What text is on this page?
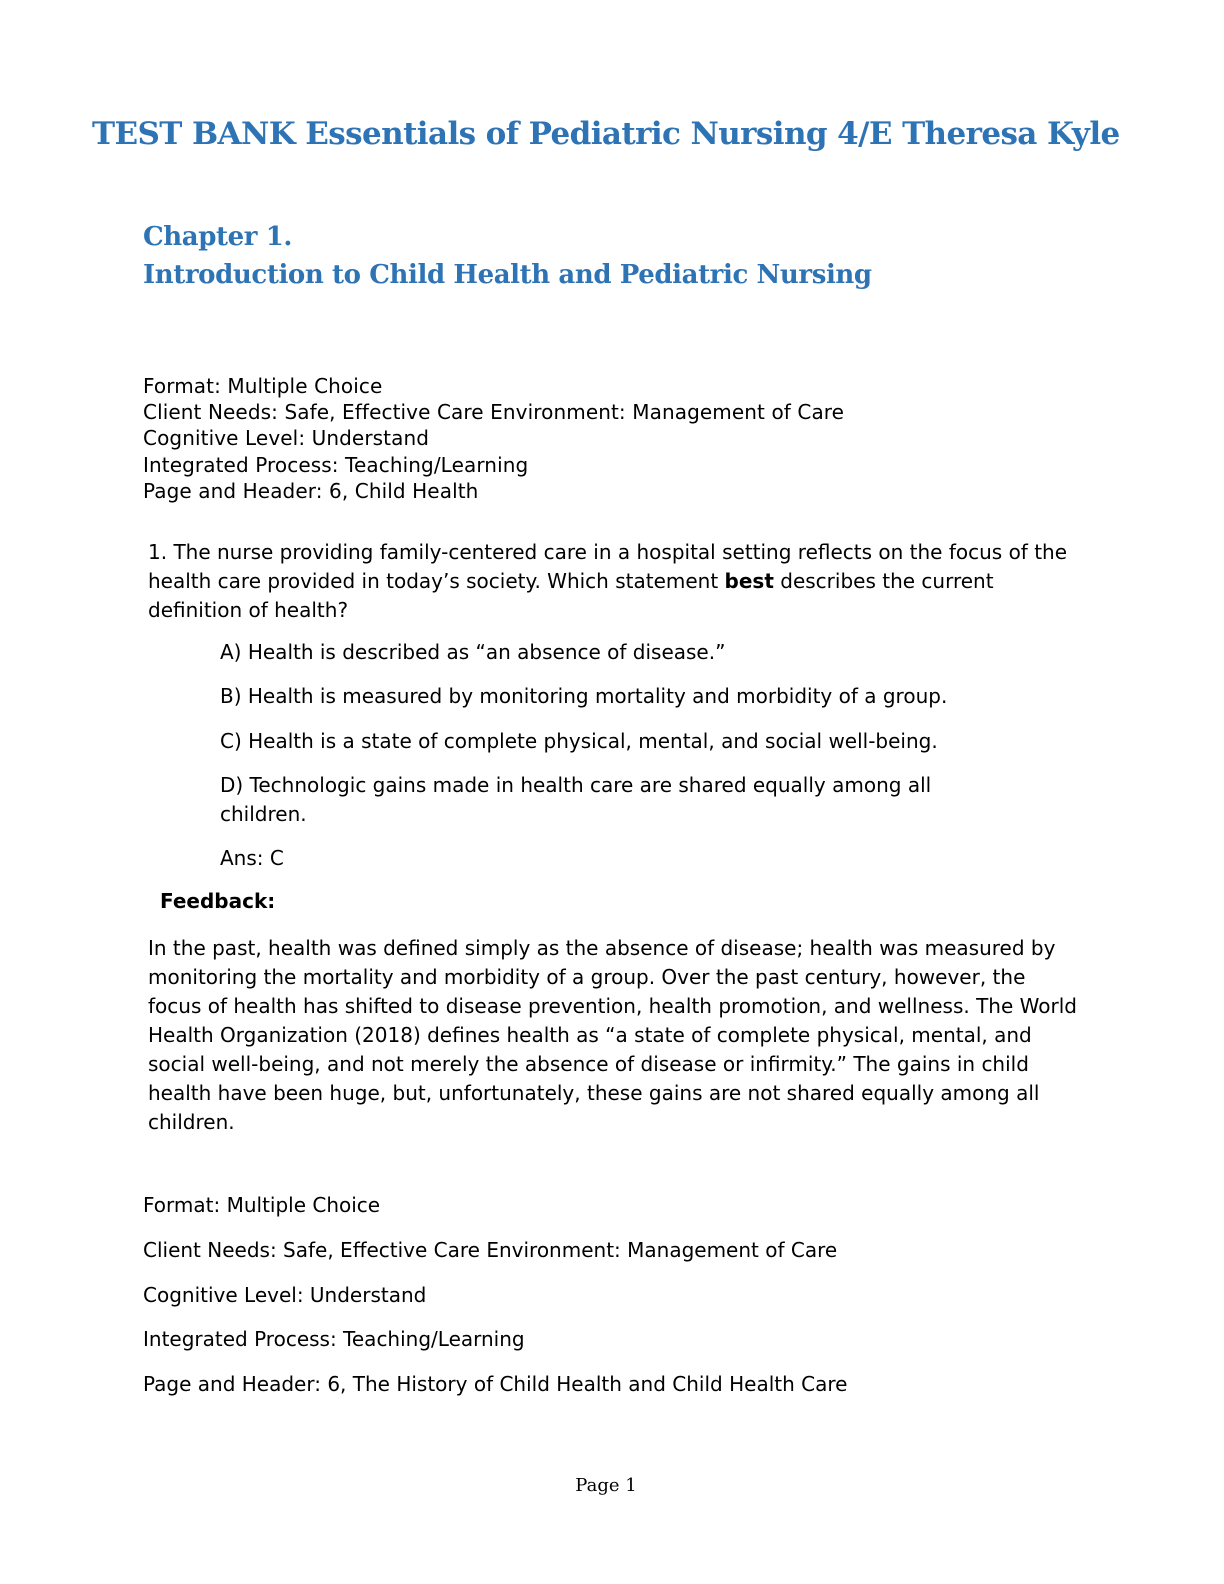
TEST BANK Essentials of Pediatric Nursing 4/E Theresa Kyle
Chapter 1.
Introduction to Child Health and Pediatric Nursing
Format: Multiple Choice
Client Needs: Safe, Effective Care Environment: Management of Care
Cognitive Level: Understand
Integrated Process: Teaching/Learning
Page and Header: 6, Child Health
1. The nurse providing family-centered care in a hospital setting reflects on the focus of the health care provided in today’s society. Which statement best describes the current definition of health?
A) Health is described as “an absence of disease.”
B) Health is measured by monitoring mortality and morbidity of a group.
C) Health is a state of complete physical, mental, and social well-being.
D) Technologic gains made in health care are shared equally among all children.
Ans: C
Feedback:
In the past, health was defined simply as the absence of disease; health was measured by monitoring the mortality and morbidity of a group. Over the past century, however, the focus of health has shifted to disease prevention, health promotion, and wellness. The World Health Organization (2018) defines health as “a state of complete physical, mental, and social well-being, and not merely the absence of disease or infirmity.” The gains in child health have been huge, but, unfortunately, these gains are not shared equally among all children.
Format: Multiple Choice
Client Needs: Safe, Effective Care Environment: Management of Care
Cognitive Level: Understand
Integrated Process: Teaching/Learning
Page and Header: 6, The History of Child Health and Child Health Care
Page 1
